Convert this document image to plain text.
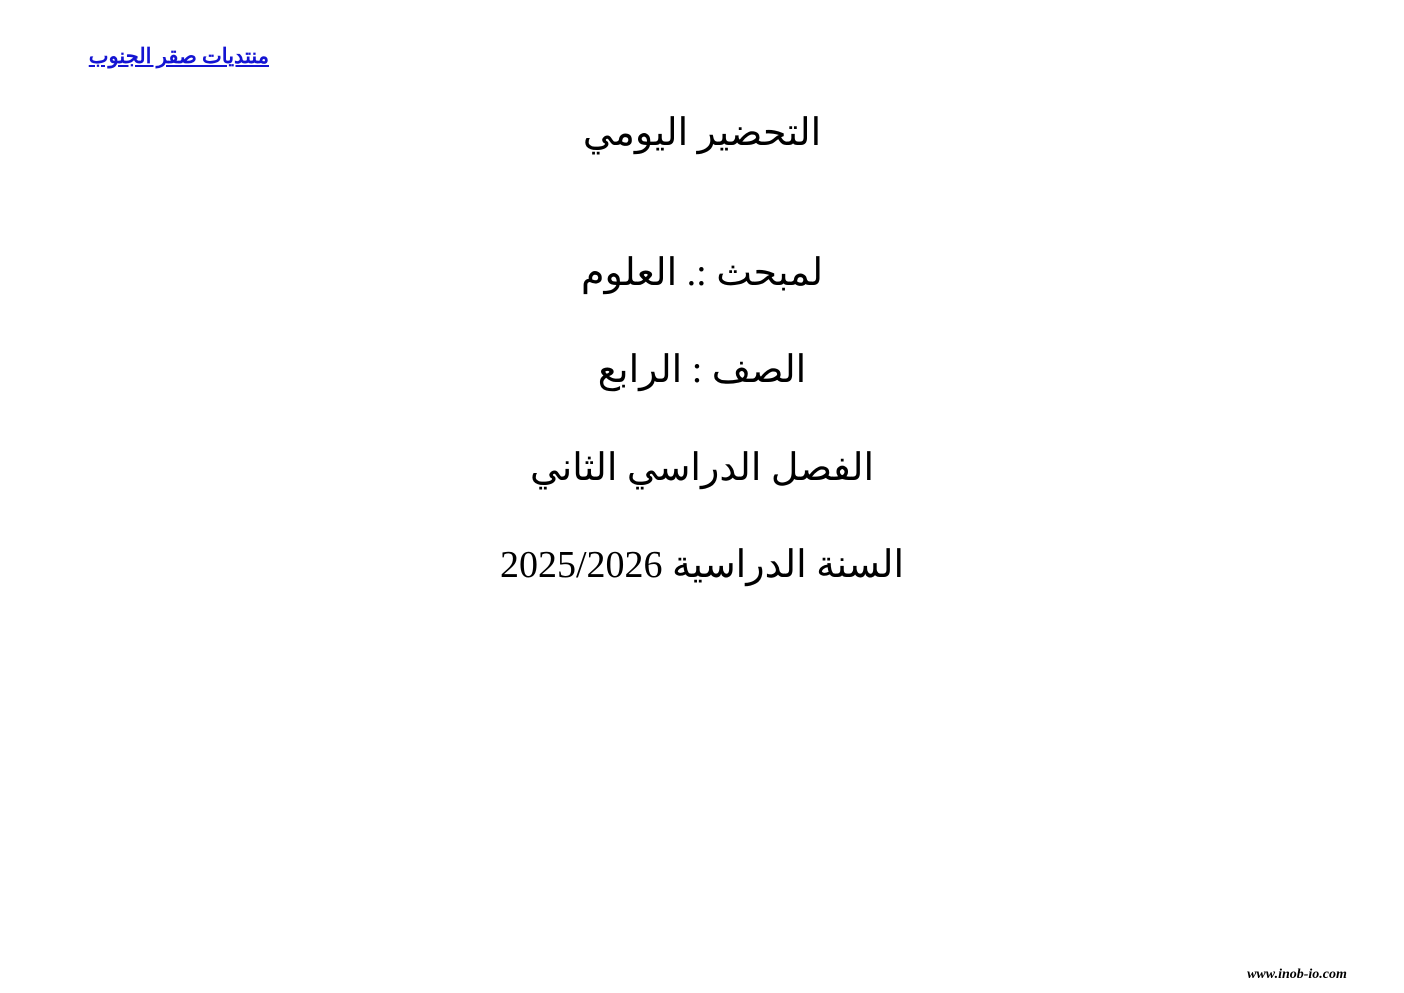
منتديات صقر الجنوب
التحضير اليومي
لمبحث :. العلوم
الصف : الرابع
الفصل الدراسي الثاني
السنة الدراسية 2025/2026
www.inob-io.com
